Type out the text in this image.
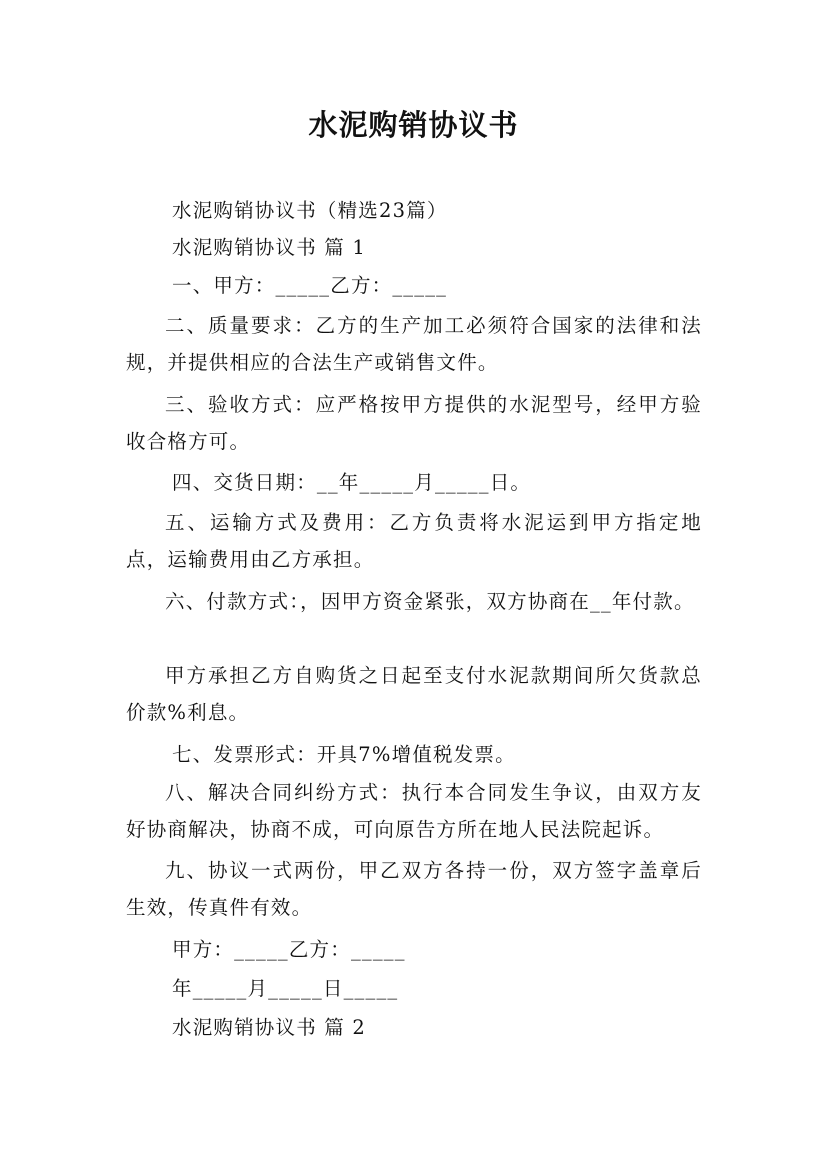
水泥购销协议书

水泥购销协议书（精选23篇）

水泥购销协议书 篇 1

一、甲方：_____乙方：_____

二、质量要求：乙方的生产加工必须符合国家的法律和法规，并提供相应的合法生产或销售文件。

三、验收方式：应严格按甲方提供的水泥型号，经甲方验收合格方可。

四、交货日期：__年_____月_____日。

五、运输方式及费用：乙方负责将水泥运到甲方指定地点，运输费用由乙方承担。

六、付款方式：，因甲方资金紧张，双方协商在__年付款。

甲方承担乙方自购货之日起至支付水泥款期间所欠货款总价款%利息。

七、发票形式：开具7%增值税发票。

八、解决合同纠纷方式：执行本合同发生争议，由双方友好协商解决，协商不成，可向原告方所在地人民法院起诉。

九、协议一式两份，甲乙双方各持一份，双方签字盖章后生效，传真件有效。

甲方：_____乙方：_____

年_____月_____日_____

水泥购销协议书 篇 2
